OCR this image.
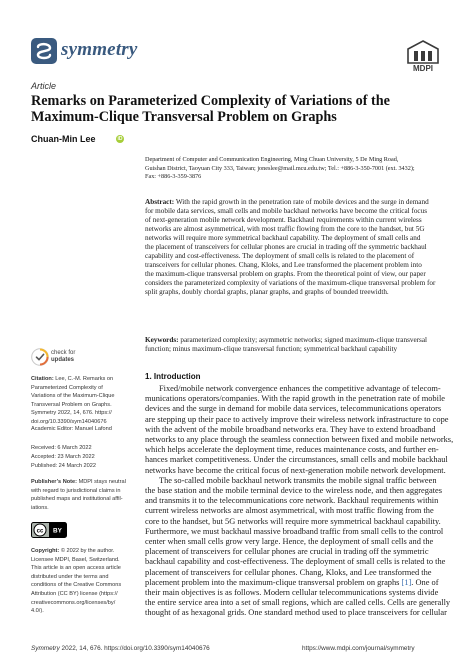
symmetry
MDPI
Article
Remarks on Parameterized Complexity of Variations of the Maximum-Clique Transversal Problem on Graphs
Chuan-Min Lee	iD
Department of Computer and Communication Engineering, Ming Chuan University, 5 De Ming Road,
Guishan District, Taoyuan City 333, Taiwan; joneslee@mail.mcu.edu.tw; Tel.: +886-3-350-7001 (ext. 3432);
Fax: +886-3-359-3876
Abstract: With the rapid growth in the penetration rate of mobile devices and the surge in demand
for mobile data services, small cells and mobile backhaul networks have become the critical focus
of next-generation mobile network development. Backhaul requirements within current wireless
networks are almost asymmetrical, with most traffic flowing from the core to the handset, but 5G
networks will require more symmetrical backhaul capability. The deployment of small cells and
the placement of transceivers for cellular phones are crucial in trading off the symmetric backhaul
capability and cost-effectiveness. The deployment of small cells is related to the placement of
transceivers for cellular phones. Chang, Kloks, and Lee transformed the placement problem into
the maximum-clique transversal problem on graphs. From the theoretical point of view, our paper
considers the parameterized complexity of variations of the maximum-clique transversal problem for
split graphs, doubly chordal graphs, planar graphs, and graphs of bounded treewidth.
Keywords: parameterized complexity; asymmetric networks; signed maximum-clique transversal
function; minus maximum-clique transversal function; symmetrical backhaul capability
check for
updates
Citation: Lee, C.-M. Remarks on
Parameterized Complexity of
Variations of the Maximum-Clique
Transversal Problem on Graphs.
Symmetry 2022, 14, 676. https://
doi.org/10.3390/sym14040676
Academic Editor: Manuel Lafond
Received: 6 March 2022
Accepted: 23 March 2022
Published: 24 March 2022
Publisher’s Note: MDPI stays neutral
with regard to jurisdictional claims in
published maps and institutional affil-
iations.
cc BY
Copyright: © 2022 by the author.
Licensee MDPI, Basel, Switzerland.
This article is an open access article
distributed under the terms and
conditions of the Creative Commons
Attribution (CC BY) license (https://
creativecommons.org/licenses/by/
4.0/).
1. Introduction
Fixed/mobile network convergence enhances the competitive advantage of telecom-
munications operators/companies. With the rapid growth in the penetration rate of mobile
devices and the surge in demand for mobile data services, telecommunications operators
are stepping up their pace to actively improve their wireless network infrastructure to cope
with the advent of the mobile broadband networks era. They have to extend broadband
networks to any place through the seamless connection between fixed and mobile networks,
which helps accelerate the deployment time, reduces maintenance costs, and further en-
hances market competitiveness. Under the circumstances, small cells and mobile backhaul
networks have become the critical focus of next-generation mobile network development.
The so-called mobile backhaul network transmits the mobile signal traffic between
the base station and the mobile terminal device to the wireless node, and then aggregates
and transmits it to the telecommunications core network. Backhaul requirements within
current wireless networks are almost asymmetrical, with most traffic flowing from the
core to the handset, but 5G networks will require more symmetrical backhaul capability.
Furthermore, we must backhaul massive broadband traffic from small cells to the control
center when small cells grow very large. Hence, the deployment of small cells and the
placement of transceivers for cellular phones are crucial in trading off the symmetric
backhaul capability and cost-effectiveness. The deployment of small cells is related to the
placement of transceivers for cellular phones. Chang, Kloks, and Lee transformed the
placement problem into the maximum-clique transversal problem on graphs [1]. One of
their main objectives is as follows. Modern cellular telecommunications systems divide
the entire service area into a set of small regions, which are called cells. Cells are generally
thought of as hexagonal grids. One standard method used to place transceivers for cellular
Symmetry 2022, 14, 676. https://doi.org/10.3390/sym14040676	https://www.mdpi.com/journal/symmetry
